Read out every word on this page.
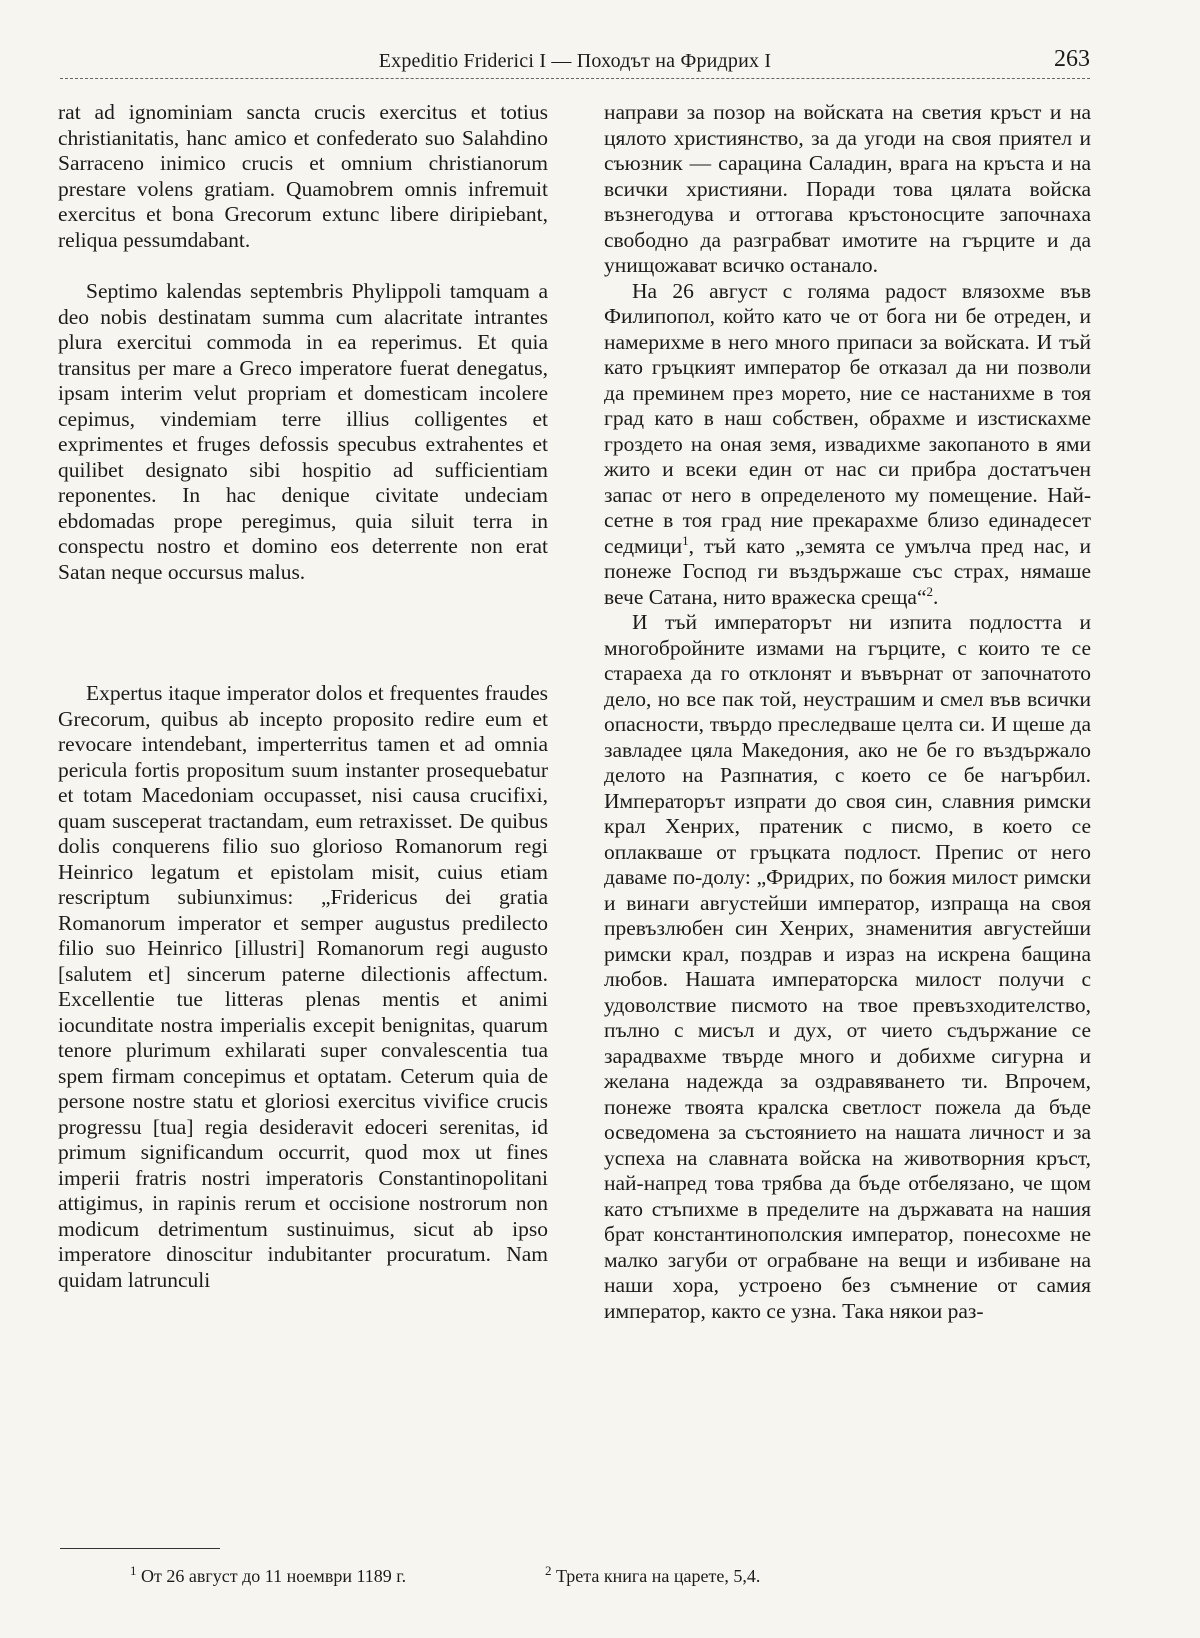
Expeditio Friderici I — Походът на Фридрих I	263

rat ad ignominiam sancta crucis exercitus et totius christianitatis, hanc amico et confederato suo Salahdino Sarraceno inimico crucis et omnium christianorum prestare volens gratiam. Quamobrem omnis infremuit exercitus et bona Grecorum extunc libere diripiebant, reliqua pessumdabant.

Septimo kalendas septembris Phylippoli tamquam a deo nobis destinatam summa cum alacritate intrantes plura exercitui commoda in ea reperimus. Et quia transitus per mare a Greco imperatore fuerat denegatus, ipsam interim velut propriam et domesticam incolere cepimus, vindemiam terre illius colligentes et exprimentes et fruges defossis specubus extrahentes et quilibet designato sibi hospitio ad sufficientiam reponentes. In hac denique civitate undeciam ebdomadas prope peregimus, quia siluit terra in conspectu nostro et domino eos deterrente non erat Satan neque occursus malus.

Expertus itaque imperator dolos et frequentes fraudes Grecorum, quibus ab incepto proposito redire eum et revocare intendebant, imperterritus tamen et ad omnia pericula fortis propositum suum instanter prosequebatur et totam Macedoniam occupasset, nisi causa crucifixi, quam susceperat tractandam, eum retraxisset. De quibus dolis conquerens filio suo glorioso Romanorum regi Heinrico legatum et epistolam misit, cuius etiam rescriptum subiunximus: „Fridericus dei gratia Romanorum imperator et semper augustus predilecto filio suo Heinrico [illustri] Romanorum regi augusto [salutem et] sincerum paterne dilectionis affectum. Excellentie tue litteras plenas mentis et animi iocunditate nostra imperialis excepit benignitas, quarum tenore plurimum exhilarati super convalescentia tua spem firmam concepimus et optatam. Ceterum quia de persone nostre statu et gloriosi exercitus vivifice crucis progressu [tua] regia desideravit edoceri serenitas, id primum significandum occurrit, quod mox ut fines imperii fratris nostri imperatoris Constantinopolitani attigimus, in rapinis rerum et occisione nostrorum non modicum detrimentum sustinuimus, sicut ab ipso imperatore dinoscitur indubitanter procuratum. Nam quidam latrunculi

направи за позор на войската на светия кръст и на цялото християнство, за да угоди на своя приятел и съюзник — сарацина Саладин, врага на кръста и на всички християни. Поради това цялата войска възнегодува и оттогава кръстоносците започнаха свободно да разграбват имотите на гърците и да унищожават всичко останало.

На 26 август с голяма радост влязохме във Филипопол, който като че от бога ни бе отреден, и намерихме в него много припаси за войската. И тъй като гръцкият император бе отказал да ни позволи да преминем през морето, ние се настанихме в тоя град като в наш собствен, обрахме и изстискахме гроздето на оная земя, извадихме закопаното в ями жито и всеки един от нас си прибра достатъчен запас от него в определеното му помещение. Най-сетне в тоя град ние прекарахме близо единадесет седмици$^1$, тъй като „земята се умълча пред нас, и понеже Господ ги въздържаше със страх, нямаше вече Сатана, нито вражеска среща“$^2$.

И тъй императорът ни изпита подлостта и многобройните измами на гърците, с които те се стараеха да го отклонят и въвърнат от започнатото дело, но все пак той, неустрашим и смел във всички опасности, твърдо преследваше целта си. И щеше да завладее цяла Македония, ако не бе го въздържало делото на Разпнатия, с което се бе нагърбил. Императорът изпрати до своя син, славния римски крал Хенрих, пратеник с писмо, в което се оплакваше от гръцката подлост. Препис от него даваме по-долу: „Фридрих, по божия милост римски и винаги августейши император, изпраща на своя превъзлюбен син Хенрих, знаменития августейши римски крал, поздрав и израз на искрена бащина любов. Нашата императорска милост получи с удоволствие писмото на твое превъзходителство, пълно с мисъл и дух, от чието съдържание се зарадвахме твърде много и добихме сигурна и желана надежда за оздравяването ти. Впрочем, понеже твоята кралска светлост пожела да бъде осведомена за състоянието на нашата личност и за успеха на славната войска на животворния кръст, най-напред това трябва да бъде отбелязано, че щом като стъпихме в пределите на държавата на нашия брат константинополския император, понесохме не малко загуби от ограбване на вещи и избиване на наши хора, устроено без съмнение от самия император, както се узна. Така някои раз-

$^1$ От 26 август до 11 ноември 1189 г.	$^2$ Трета книга на царете, 5,4.
